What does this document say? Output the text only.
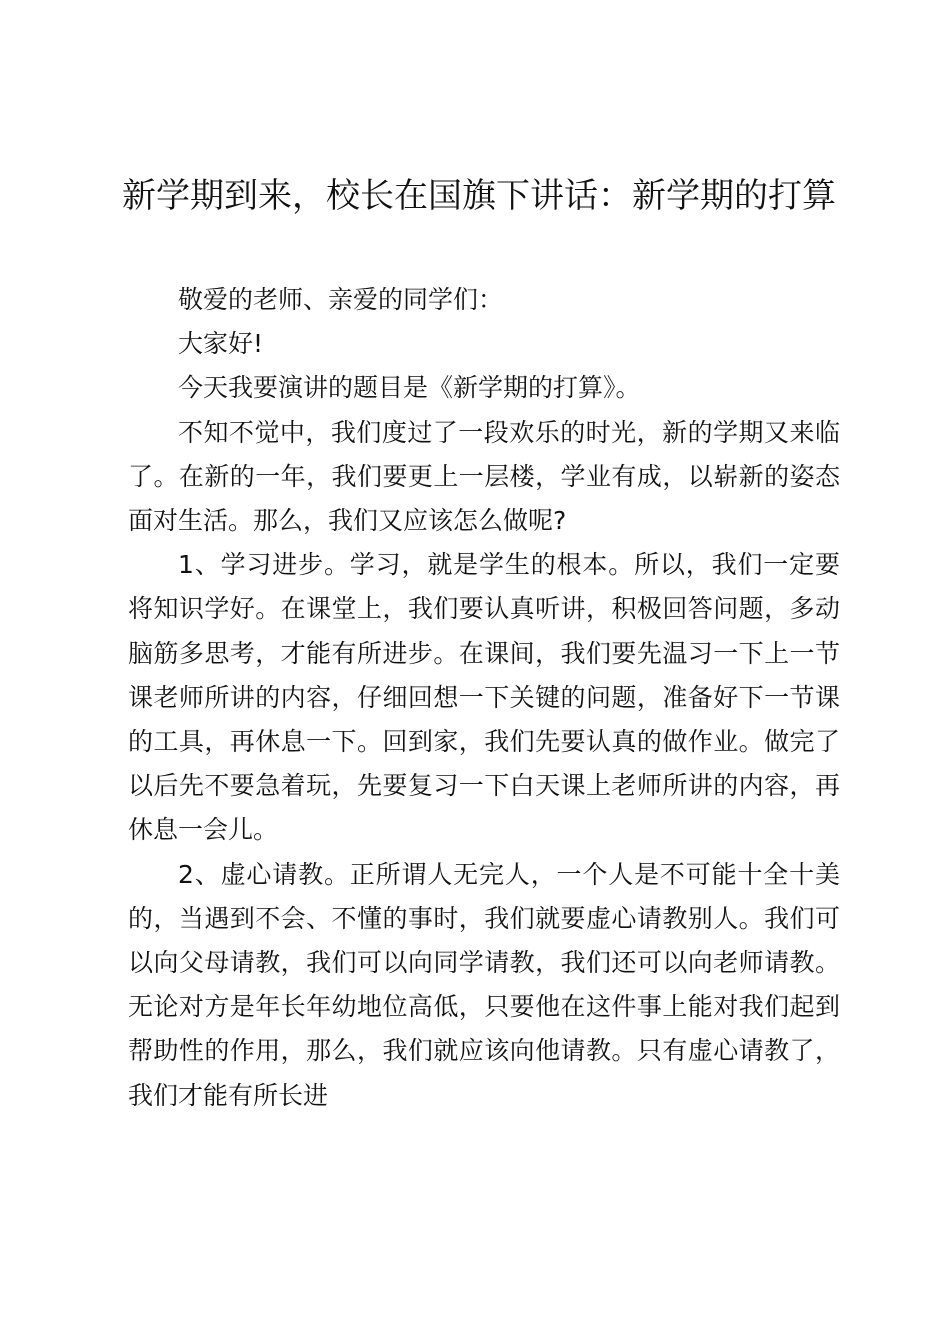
新学期到来，校长在国旗下讲话：新学期的打算

敬爱的老师、亲爱的同学们：

大家好!

今天我要演讲的题目是《新学期的打算》。

不知不觉中，我们度过了一段欢乐的时光，新的学期又来临了。在新的一年，我们要更上一层楼，学业有成，以崭新的姿态面对生活。那么，我们又应该怎么做呢?

1、学习进步。学习，就是学生的根本。所以，我们一定要将知识学好。在课堂上，我们要认真听讲，积极回答问题，多动脑筋多思考，才能有所进步。在课间，我们要先温习一下上一节课老师所讲的内容，仔细回想一下关键的问题，准备好下一节课的工具，再休息一下。回到家，我们先要认真的做作业。做完了以后先不要急着玩，先要复习一下白天课上老师所讲的内容，再休息一会儿。

2、虚心请教。正所谓人无完人，一个人是不可能十全十美的，当遇到不会、不懂的事时，我们就要虚心请教别人。我们可以向父母请教，我们可以向同学请教，我们还可以向老师请教。无论对方是年长年幼地位高低，只要他在这件事上能对我们起到帮助性的作用，那么，我们就应该向他请教。只有虚心请教了，我们才能有所长进
